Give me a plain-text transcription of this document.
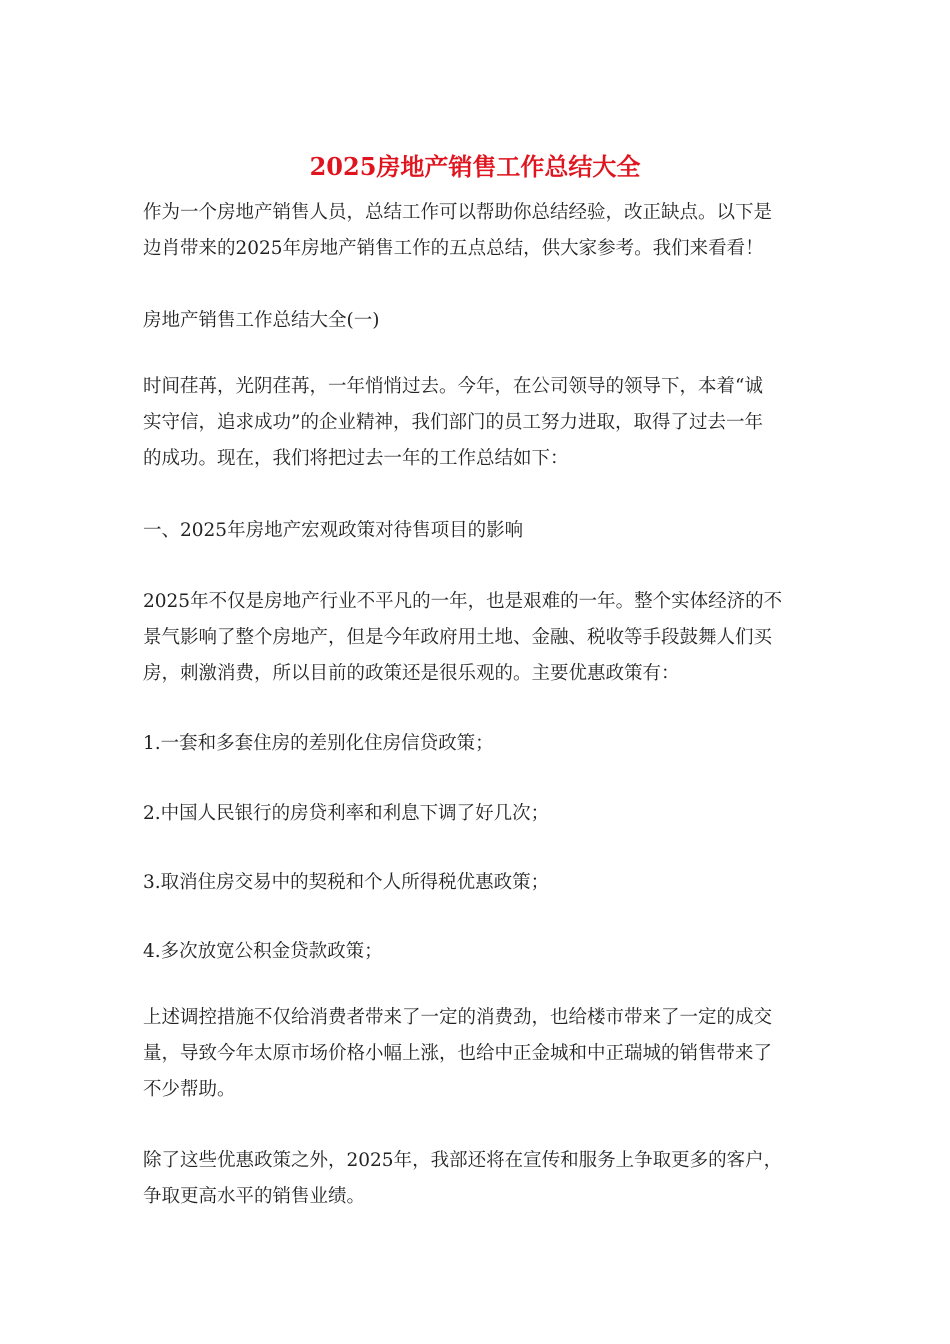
2025房地产销售工作总结大全
作为一个房地产销售人员，总结工作可以帮助你总结经验，改正缺点。以下是
边肖带来的2025年房地产销售工作的五点总结，供大家参考。我们来看看！
房地产销售工作总结大全(一)
时间荏苒，光阴荏苒，一年悄悄过去。今年，在公司领导的领导下，本着“诚
实守信，追求成功”的企业精神，我们部门的员工努力进取，取得了过去一年
的成功。现在，我们将把过去一年的工作总结如下：
一、2025年房地产宏观政策对待售项目的影响
2025年不仅是房地产行业不平凡的一年，也是艰难的一年。整个实体经济的不
景气影响了整个房地产，但是今年政府用土地、金融、税收等手段鼓舞人们买
房，刺激消费，所以目前的政策还是很乐观的。主要优惠政策有：
1.一套和多套住房的差别化住房信贷政策；
2.中国人民银行的房贷利率和利息下调了好几次；
3.取消住房交易中的契税和个人所得税优惠政策；
4.多次放宽公积金贷款政策；
上述调控措施不仅给消费者带来了一定的消费劲，也给楼市带来了一定的成交
量，导致今年太原市场价格小幅上涨，也给中正金城和中正瑞城的销售带来了
不少帮助。
除了这些优惠政策之外，2025年，我部还将在宣传和服务上争取更多的客户，
争取更高水平的销售业绩。
